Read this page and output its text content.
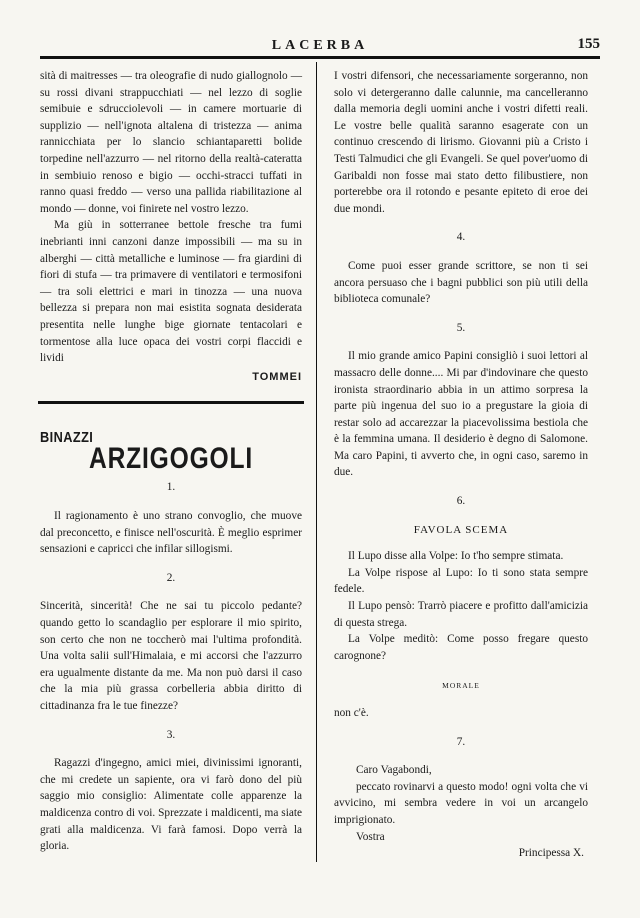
LACERBA	155

sità di maitresses — tra oleografie di nudo giallognolo — su rossi divani strappucchiati — nel lezzo di soglie semibuie e sdrucciolevoli — in camere mortuarie di supplizio — nell'ignota altalena di tristezza — anima rannicchiata per lo slancio schiantaparetti bolide torpedine nell'azzurro — nel ritorno della realtà-cateratta in sembiuio renoso e bigio — occhi-stracci tuffati in ranno quasi freddo — verso una pallida riabilitazione al mondo — donne, voi finirete nel vostro lezzo.

Ma giù in sotterranee bettole fresche tra fumi inebrianti inni canzoni danze impossibili — ma su in alberghi — città metalliche e luminose — fra giardini di fiori di stufa — tra primavere di ventilatori e termosifoni — tra soli elettrici e mari in tinozza — una nuova bellezza si prepara non mai esistita sognata desiderata presentita nelle lunghe bige giornate tentacolari e tormentose alla luce opaca dei vostri corpi flaccidi e lividi

TOMMEI
BINAZZI
ARZIGOGOLI
1.

Il ragionamento è uno strano convoglio, che muove dal preconcetto, e finisce nell'oscurità. È meglio esprimer sensazioni e capricci che infilar sillogismi.

2.

Sincerità, sincerità! Che ne sai tu piccolo pedante? quando getto lo scandaglio per esplorare il mio spirito, son certo che non ne toccherò mai l'ultima profondità. Una volta salii sull'Himalaia, e mi accorsi che l'azzurro era ugualmente distante da me. Ma non può darsi il caso che la mia più grassa corbelleria abbia diritto di cittadinanza fra le tue finezze?

3.

Ragazzi d'ingegno, amici miei, divinissimi ignoranti, che mi credete un sapiente, ora vi farò dono del più saggio mio consiglio: Alimentate colle apparenze la maldicenza contro di voi. Sprezzate i maldicenti, ma siate grati alla maldicenza. Vi farà famosi. Dopo verrà la gloria.

I vostri difensori, che necessariamente sorgeranno, non solo vi detergeranno dalle calunnie, ma cancelleranno dalla memoria degli uomini anche i vostri difetti reali. Le vostre belle qualità saranno esagerate con un continuo crescendo di lirismo. Giovanni più a Cristo i Testi Talmudici che gli Evangeli. Se quel pover'uomo di Garibaldi non fosse mai stato detto filibustiere, non porterebbe ora il rotondo e pesante epiteto di eroe dei due mondi.

4.

Come puoi esser grande scrittore, se non ti sei ancora persuaso che i bagni pubblici son più utili della biblioteca comunale?

5.

Il mio grande amico Papini consigliò i suoi lettori al massacro delle donne.... Mi par d'indovinare che questo ironista straordinario abbia in un attimo sorpresa la parte più ingenua del suo io a pregustare la gioia di restar solo ad accarezzar la piacevolissima bestiola che è la femmina umana. Il desiderio è degno di Salomone. Ma caro Papini, ti avverto che, in ogni caso, saremo in due.

6.
FAVOLA SCEMA

Il Lupo disse alla Volpe: Io t'ho sempre stimata.

La Volpe rispose al Lupo: Io ti sono stata sempre fedele.

Il Lupo pensò: Trarrò piacere e profitto dall'amicizia di questa strega.

La Volpe meditò: Come posso fregare questo carognone?

MORALE

non c'è.

7.

Caro Vagabondi,

peccato rovinarvi a questo modo! ogni volta che vi avvicino, mi sembra vedere in voi un arcangelo imprigionato.

Vostra

Principessa X.
